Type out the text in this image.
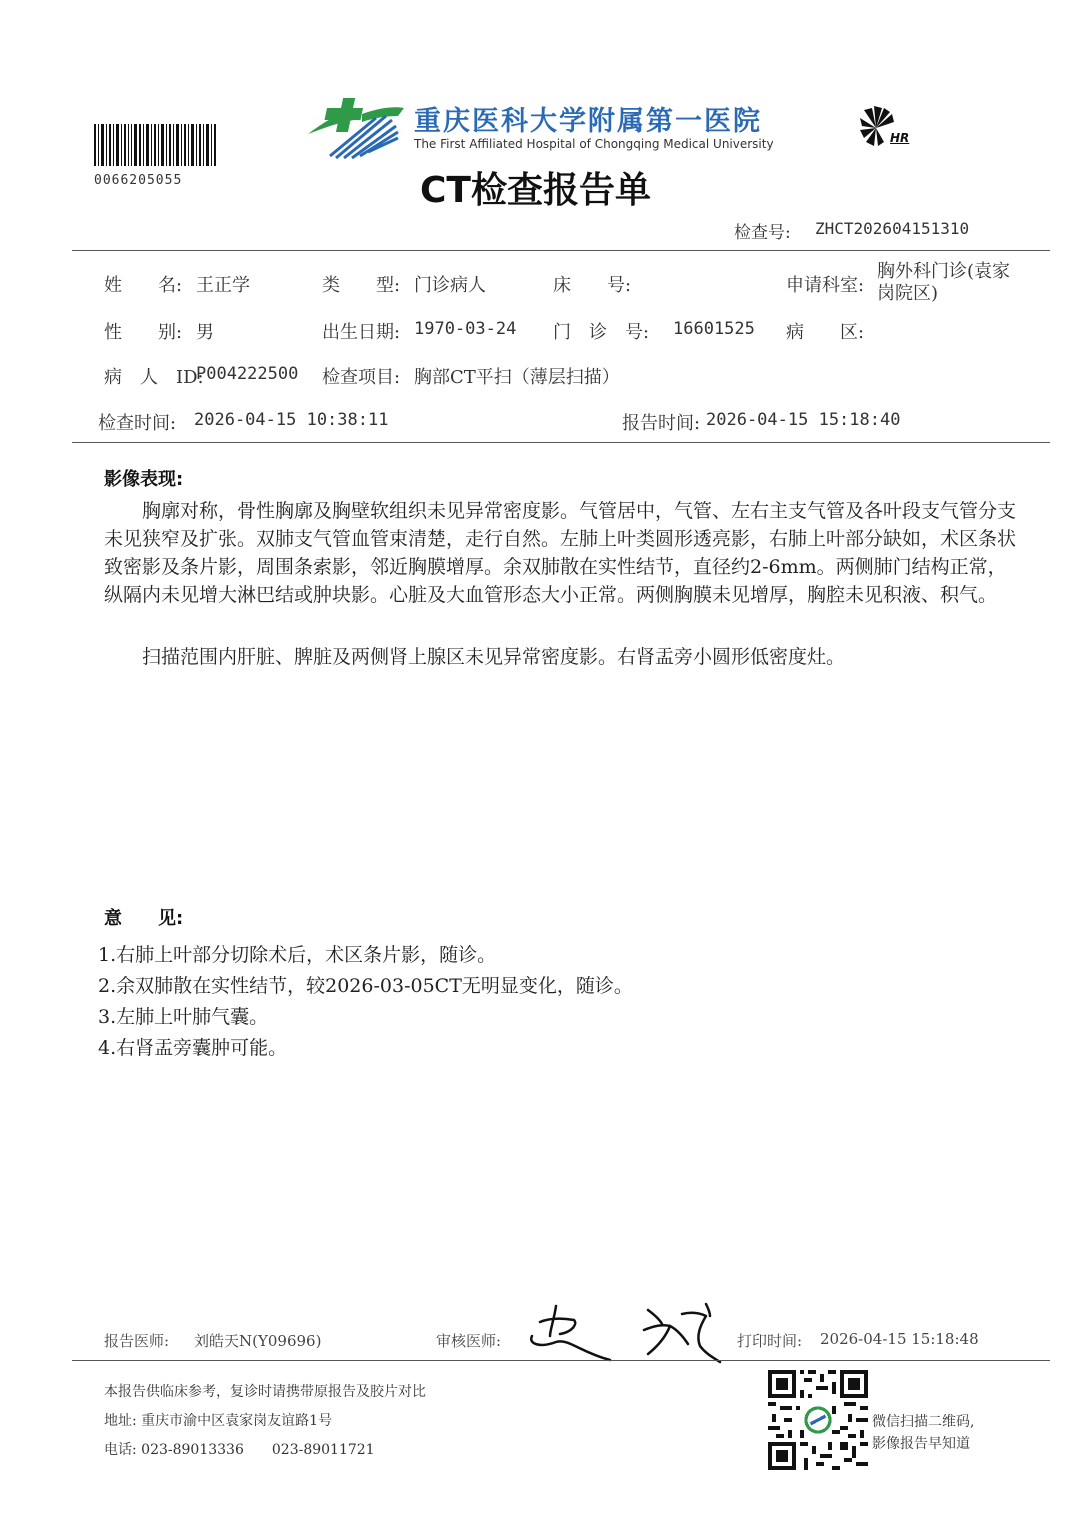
0066205055
重庆医科大学附属第一医院
The First Affiliated Hospital of Chongqing Medical University	HR
CT检查报告单
检查号: ZHCT202604151310
姓　　名: 王正学	类　　型: 门诊病人	床　　号:	申请科室:
胸外科门诊(袁家
岗院区)
性　　别: 男	出生日期: 1970-03-24 门　诊　号: 16601525 病　　区:
病　人　ID:
P004222500 检查项目: 胸部CT平扫（薄层扫描）
检查时间: 2026-04-15 10:38:11	报告时间: 2026-04-15 15:18:40
影像表现:
胸廓对称，骨性胸廓及胸壁软组织未见异常密度影。气管居中，气管、左右主支气管及各叶段支气管分支未见狭窄及扩张。双肺支气管血管束清楚，走行自然。左肺上叶类圆形透亮影，右肺上叶部分缺如，术区条状致密影及条片影，周围条索影，邻近胸膜增厚。余双肺散在实性结节，直径约2-6mm。两侧肺门结构正常，纵隔内未见增大淋巴结或肿块影。心脏及大血管形态大小正常。两侧胸膜未见增厚，胸腔未见积液、积气。
扫描范围内肝脏、脾脏及两侧肾上腺区未见异常密度影。右肾盂旁小圆形低密度灶。
意　　见:
1.右肺上叶部分切除术后，术区条片影，随诊。
2.余双肺散在实性结节，较2026-03-05CT无明显变化，随诊。
3.左肺上叶肺气囊。
4.右肾盂旁囊肿可能。
报告医师: 刘皓天N(Y09696)	审核医师:	打印时间: 2026-04-15 15:18:48
本报告供临床参考，复诊时请携带原报告及胶片对比
地址: 重庆市渝中区袁家岗友谊路1号
电话: 023-89013336　　023-89011721
微信扫描二维码,
影像报告早知道
